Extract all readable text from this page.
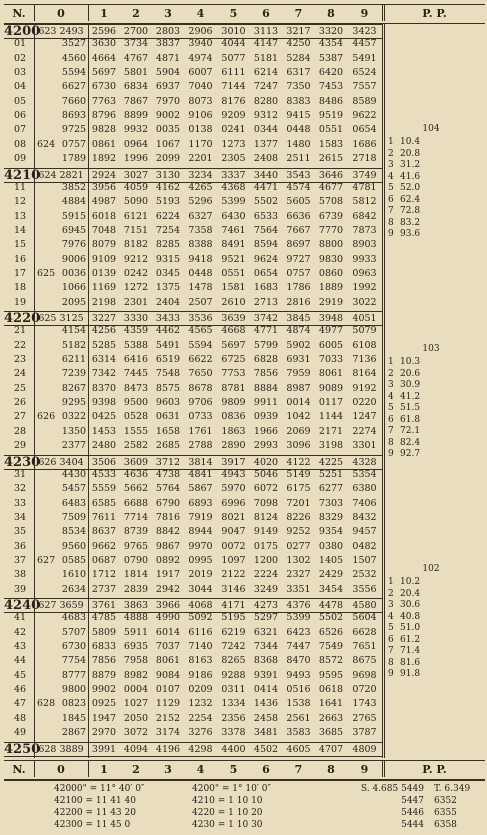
N.	0	1	2	3	4	5	6	7	8	9	P. P.
4200
623 2493 2596 2700 2803 2906 3010 3113 3217 3320 3423
01	3527 3630 3734 3837 3940 4044 4147 4250 4354 4457
02	4560 4664 4767 4871 4974 5077 5181 5284 5387 5491
03	5594 5697 5801 5904 6007 6111 6214 6317 6420 6524
04	6627 6730 6834 6937 7040 7144 7247 7350 7453 7557
05	7660 7763 7867 7970 8073 8176 8280 8383 8486 8589
06	8693 8796 8899 9002 9106 9209 9312 9415 9519 9622
07	9725 9828 9932 0035 0138 0241 0344 0448 0551 0654
08	624 0757 0861 0964 1067 1170 1273 1377 1480 1583 1686
09	1789 1892 1996 2099 2201 2305 2408 2511 2615 2718
4210
624 2821 2924 3027 3130 3234 3337 3440 3543 3646 3749
11	3852 3956 4059 4162 4265 4368 4471 4574 4677 4781
12	4884 4987 5090 5193 5296 5399 5502 5605 5708 5812
13	5915 6018 6121 6224 6327 6430 6533 6636 6739 6842
14	6945 7048 7151 7254 7358 7461 7564 7667 7770 7873
15	7976 8079 8182 8285 8388 8491 8594 8697 8800 8903
16	9006 9109 9212 9315 9418 9521 9624 9727 9830 9933
17	625 0036 0139 0242 0345 0448 0551 0654 0757 0860 0963
18	1066 1169 1272 1375 1478 1581 1683 1786 1889 1992
19	2095 2198 2301 2404 2507 2610 2713 2816 2919 3022
4220
625 3125 3227 3330 3433 3536 3639 3742 3845 3948 4051
21	4154 4256 4359 4462 4565 4668 4771 4874 4977 5079
22	5182 5285 5388 5491 5594 5697 5799 5902 6005 6108
23	6211 6314 6416 6519 6622 6725 6828 6931 7033 7136
24	7239 7342 7445 7548 7650 7753 7856 7959 8061 8164
25	8267 8370 8473 8575 8678 8781 8884 8987 9089 9192
26	9295 9398 9500 9603 9706 9809 9911 0014 0117 0220
27	626 0322 0425 0528 0631 0733 0836 0939 1042 1144 1247
28	1350 1453 1555 1658 1761 1863 1966 2069 2171 2274
29	2377 2480 2582 2685 2788 2890 2993 3096 3198 3301
4230
626 3404 3506 3609 3712 3814 3917 4020 4122 4225 4328
31	4430 4533 4636 4738 4841 4943 5046 5149 5251 5354
32	5457 5559 5662 5764 5867 5970 6072 6175 6277 6380
33	6483 6585 6688 6790 6893 6996 7098 7201 7303 7406
34	7509 7611 7714 7816 7919 8021 8124 8226 8329 8432
35	8534 8637 8739 8842 8944 9047 9149 9252 9354 9457
36	9560 9662 9765 9867 9970 0072 0175 0277 0380 0482
37	627 0585 0687 0790 0892 0995 1097 1200 1302 1405 1507
38	1610 1712 1814 1917 2019 2122 2224 2327 2429 2532
39	2634 2737 2839 2942 3044 3146 3249 3351 3454 3556
4240
627 3659 3761 3863 3966 4068 4171 4273 4376 4478 4580
41	4683 4785 4888 4990 5092 5195 5297 5399 5502 5604
42	5707 5809 5911 6014 6116 6219 6321 6423 6526 6628
43	6730 6833 6935 7037 7140 7242 7344 7447 7549 7651
44	7754 7856 7958 8061 8163 8265 8368 8470 8572 8675
45	8777 8879 8982 9084 9186 9288 9391 9493 9595 9698
46	9800 9902 0004 0107 0209 0311 0414 0516 0618 0720
47	628 0823 0925 1027 1129 1232 1334 1436 1538 1641 1743
48	1845 1947 2050 2152 2254 2356 2458 2561 2663 2765
49	2867 2970 3072 3174 3276 3378 3481 3583 3685 3787
4250
628 3889 3991 4094 4196 4298 4400 4502 4605 4707 4809
104
1 10.4
2 20.8
3 31.2
4 41.6
5 52.0
6 62.4
7 72.8
8 83.2
9 93.6
103
1 10.3
2 20.6
3 30.9
4 41.2
5 51.5
6 61.8
7 72.1
8 82.4
9 92.7
102
1 10.2
2 20.4
3 30.6
4 40.8
5 51.0
6 61.2
7 71.4
8 81.6
9 91.8
N.	0	1	2	3	4	5	6	7	8	9	P. P.
42000" = 11° 40′ 0″	4200" = 1° 10′ 0″	S. 4.685 5449 T. 6.349
42100 = 11 41 40	4210 = 1 10 10	5447 6352
42200 = 11 43 20	4220 = 1 10 20	5446 6355
42300 = 11 45 0	4230 = 1 10 30	5444 6358
